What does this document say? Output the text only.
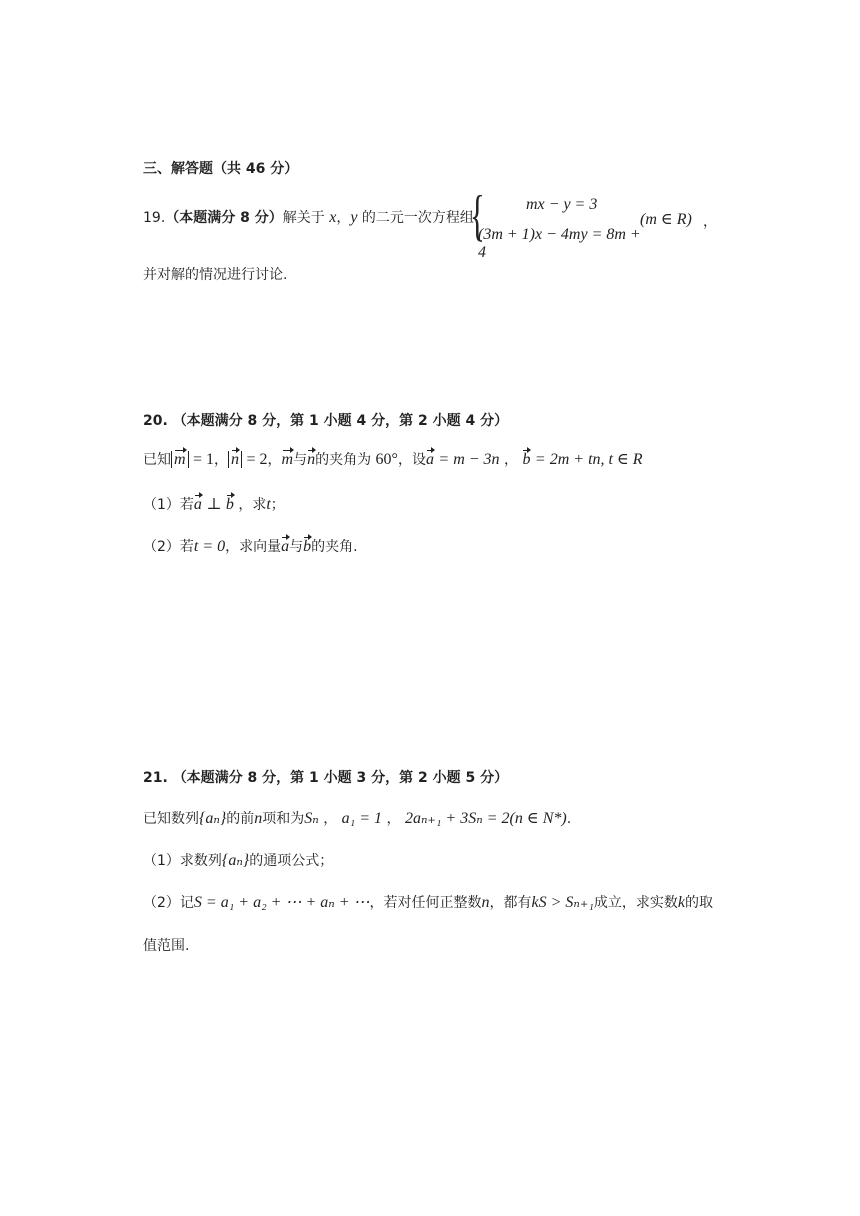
三、解答题（共 46 分）
19.（本题满分 8 分）解关于 x，y 的二元一次方程组
{	mx − y = 3
(3m + 1)x − 4my = 8m + 4
(m ∈ R) ，
并对解的情况进行讨论.
20. （本题满分 8 分，第 1 小题 4 分，第 2 小题 4 分）
已知 m = 1， n = 2，m与n的夹角为 60°，设a = m − 3n ， b = 2m + tn, t ∈ R
（1）若a ⊥ b ，求t；
（2）若t = 0，求向量a与b的夹角.
21. （本题满分 8 分，第 1 小题 3 分，第 2 小题 5 分）
已知数列{aₙ}的前n项和为Sₙ ， a₁ = 1 ， 2aₙ₊₁ + 3Sₙ = 2(n ∈ N*).
（1）求数列{aₙ}的通项公式；
（2）记S = a₁ + a₂ + ⋯ + aₙ + ⋯，若对任何正整数n，都有kS > Sₙ₊₁成立，求实数k的取
值范围.
